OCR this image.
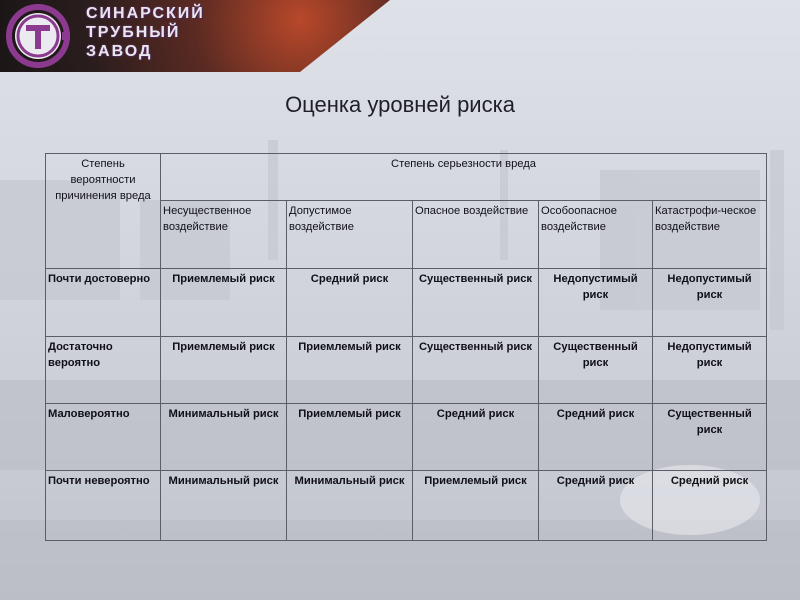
СИНАРСКИЙ
ТРУБНЫЙ
ЗАВОД
Оценка уровней риска
Степень вероятности причинения вреда	Степень серьезности вреда				
	Несущественное воздействие	Допустимое воздействие	Опасное воздействие	Особоопасное воздействие	Катастрофи-ческое воздействие
Почти достоверно	Приемлемый риск	Средний риск	Существенный риск	Недопустимый риск	Недопустимый риск
Достаточно вероятно	Приемлемый риск	Приемлемый риск	Существенный риск	Существенный риск	Недопустимый риск
Маловероятно	Минимальный риск	Приемлемый риск	Средний риск	Средний риск	Существенный риск
Почти невероятно	Минимальный риск	Минимальный риск	Приемлемый риск	Средний риск	Средний риск
